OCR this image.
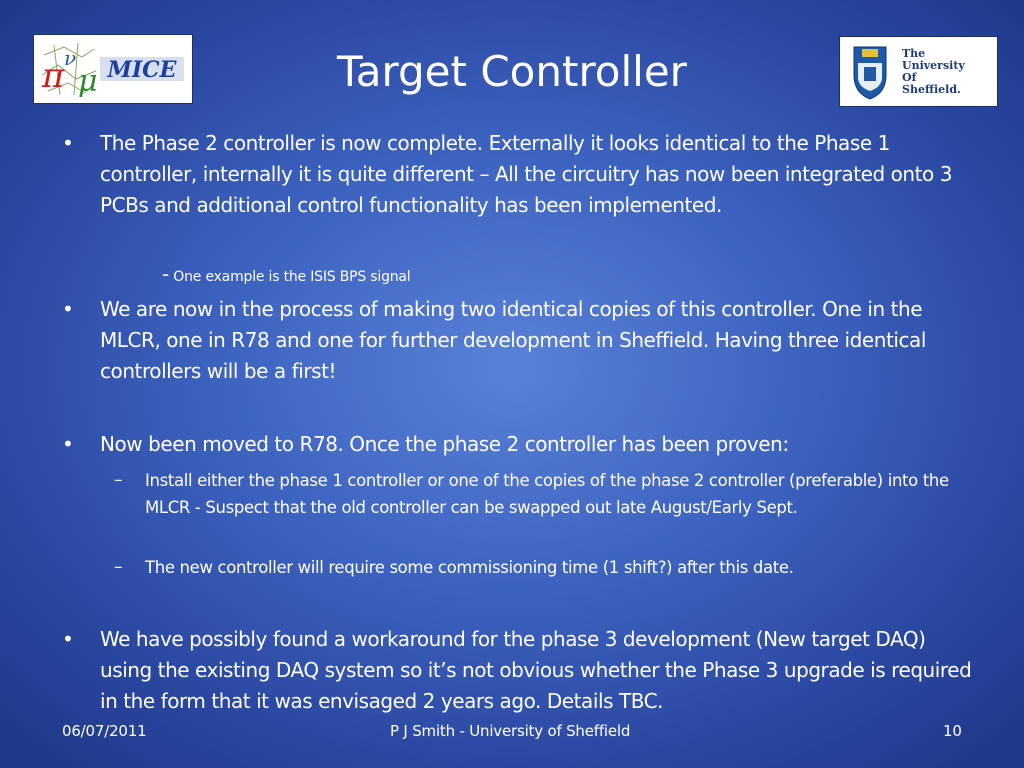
π ν
μ MICE	Target Controller	The
University
Of
Sheffield.
• The Phase 2 controller is now complete. Externally it looks identical to the Phase 1 controller, internally it is quite different – All the circuitry has now been integrated onto 3 PCBs and additional control functionality has been implemented.

- One example is the ISIS BPS signal
• We are now in the process of making two identical copies of this controller. One in the MLCR, one in R78 and one for further development in Sheffield. Having three identical controllers will be a first!

• Now been moved to R78. Once the phase 2 controller has been proven:

– Install either the phase 1 controller or one of the copies of the phase 2 controller (preferable) into the MLCR - Suspect that the old controller can be swapped out late August/Early Sept.

– The new controller will require some commissioning time (1 shift?) after this date.

• We have possibly found a workaround for the phase 3 development (New target DAQ) using the existing DAQ system so it’s not obvious whether the Phase 3 upgrade is required in the form that it was envisaged 2 years ago. Details TBC.

06/07/2011	P J Smith - University of Sheffield	10
